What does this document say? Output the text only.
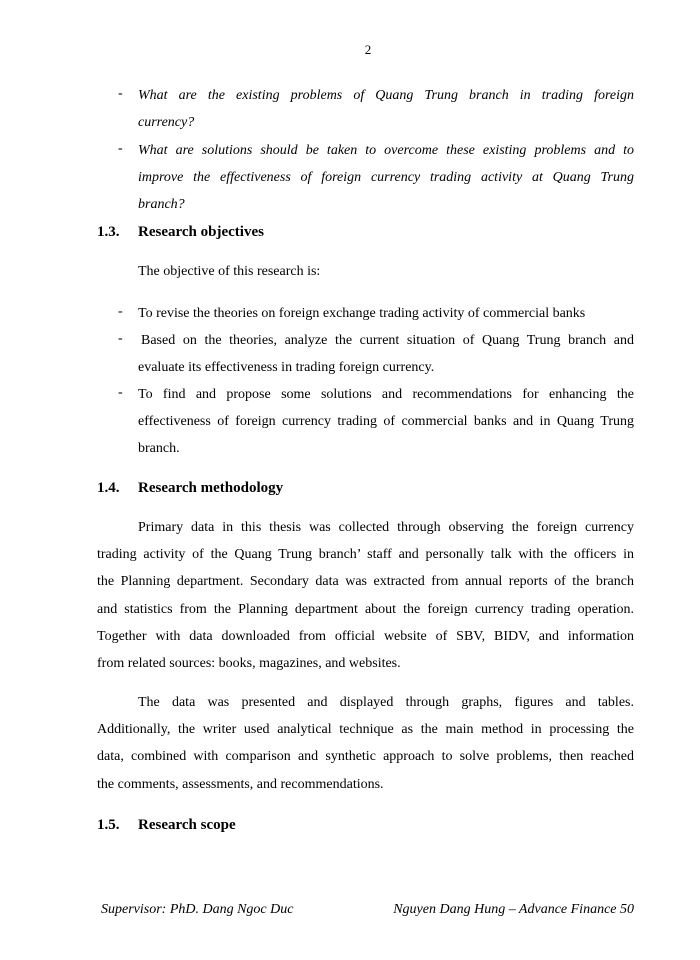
2
- What are the existing problems of Quang Trung branch in trading foreign
currency?
- What are solutions should be taken to overcome these existing problems and to
improve the effectiveness of foreign currency trading activity at Quang Trung
branch?
1.3. Research objectives
The objective of this research is:
- To revise the theories on foreign exchange trading activity of commercial banks
- Based on the theories, analyze the current situation of Quang Trung branch and
evaluate its effectiveness in trading foreign currency.
- To find and propose some solutions and recommendations for enhancing the
effectiveness of foreign currency trading of commercial banks and in Quang Trung
branch.
1.4. Research methodology
Primary data in this thesis was collected through observing the foreign currency
trading activity of the Quang Trung branch’ staff and personally talk with the officers in
the Planning department. Secondary data was extracted from annual reports of the branch
and statistics from the Planning department about the foreign currency trading operation.
Together with data downloaded from official website of SBV, BIDV, and information
from related sources: books, magazines, and websites.
The data was presented and displayed through graphs, figures and tables.
Additionally, the writer used analytical technique as the main method in processing the
data, combined with comparison and synthetic approach to solve problems, then reached
the comments, assessments, and recommendations.
1.5. Research scope
Supervisor: PhD. Dang Ngoc Duc	Nguyen Dang Hung – Advance Finance 50
